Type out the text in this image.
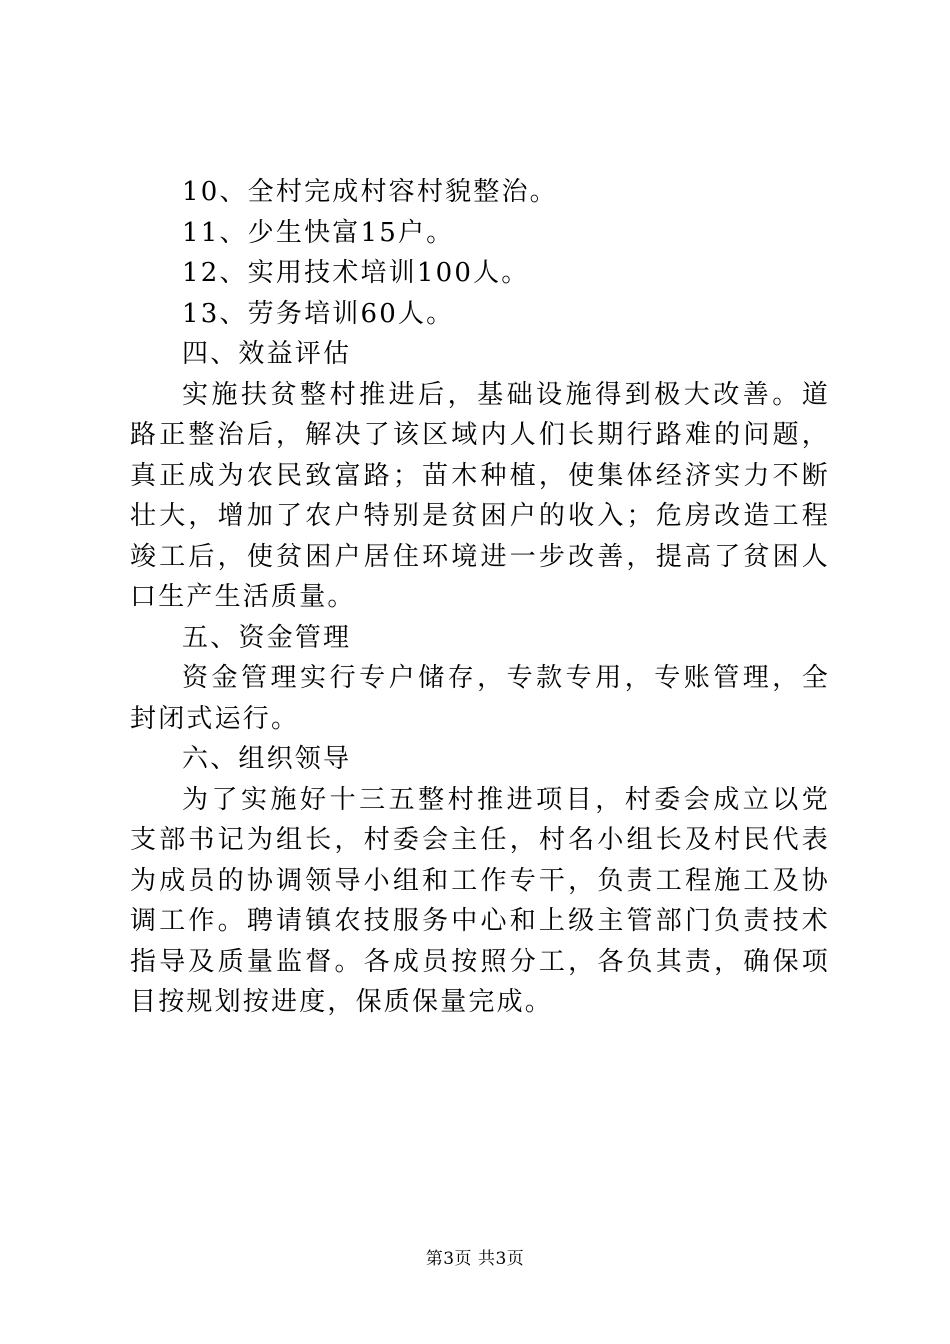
10、全村完成村容村貌整治。
11、少生快富15户。
12、实用技术培训100人。
13、劳务培训60人。
四、效益评估
实施扶贫整村推进后，基础设施得到极大改善。道路正整治后，解决了该区域内人们长期行路难的问题，真正成为农民致富路；苗木种植，使集体经济实力不断壮大，增加了农户特别是贫困户的收入；危房改造工程竣工后，使贫困户居住环境进一步改善，提高了贫困人口生产生活质量。
五、资金管理
资金管理实行专户储存，专款专用，专账管理，全封闭式运行。
六、组织领导
为了实施好十三五整村推进项目，村委会成立以党支部书记为组长，村委会主任，村名小组长及村民代表为成员的协调领导小组和工作专干，负责工程施工及协调工作。聘请镇农技服务中心和上级主管部门负责技术指导及质量监督。各成员按照分工，各负其责，确保项目按规划按进度，保质保量完成。
第3页 共3页
